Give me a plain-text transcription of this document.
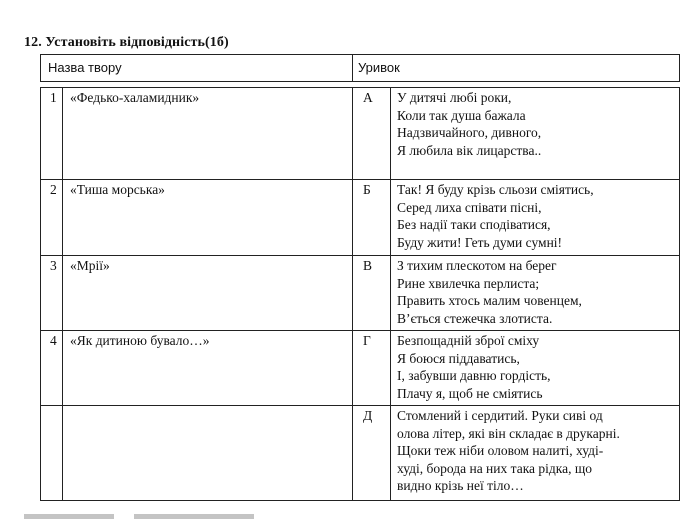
12. Установіть відповідність(1б)
Назва твору	Уривок
1	«Федько-халамидник»	А	У дитячі любі роки,
Коли так душа бажала
Надзвичайного, дивного,
Я любила вік лицарства..

2	«Тиша морська»	Б	Так! Я буду крізь сльози сміятись,
Серед лиха співати пісні,
Без надії таки сподіватися,
Буду жити! Геть думи сумні!

3	«Мрії»	В	З тихим плескотом на берег
Рине хвилечка перлиста;
Править хтось малим човенцем,
В’ється стежечка злотиста.

4	«Як дитиною бувало…»	Г	Безпощадній зброї сміху
Я боюся піддаватись,
І, забувши давню гордість,
Плачу я, щоб не сміятись

		Д	Стомлений і сердитий. Руки сиві од
олова літер, які він складає в друкарні.
Щоки теж ніби оловом налиті, худі-
худі, борода на них така рідка, що
видно крізь неї тіло…
